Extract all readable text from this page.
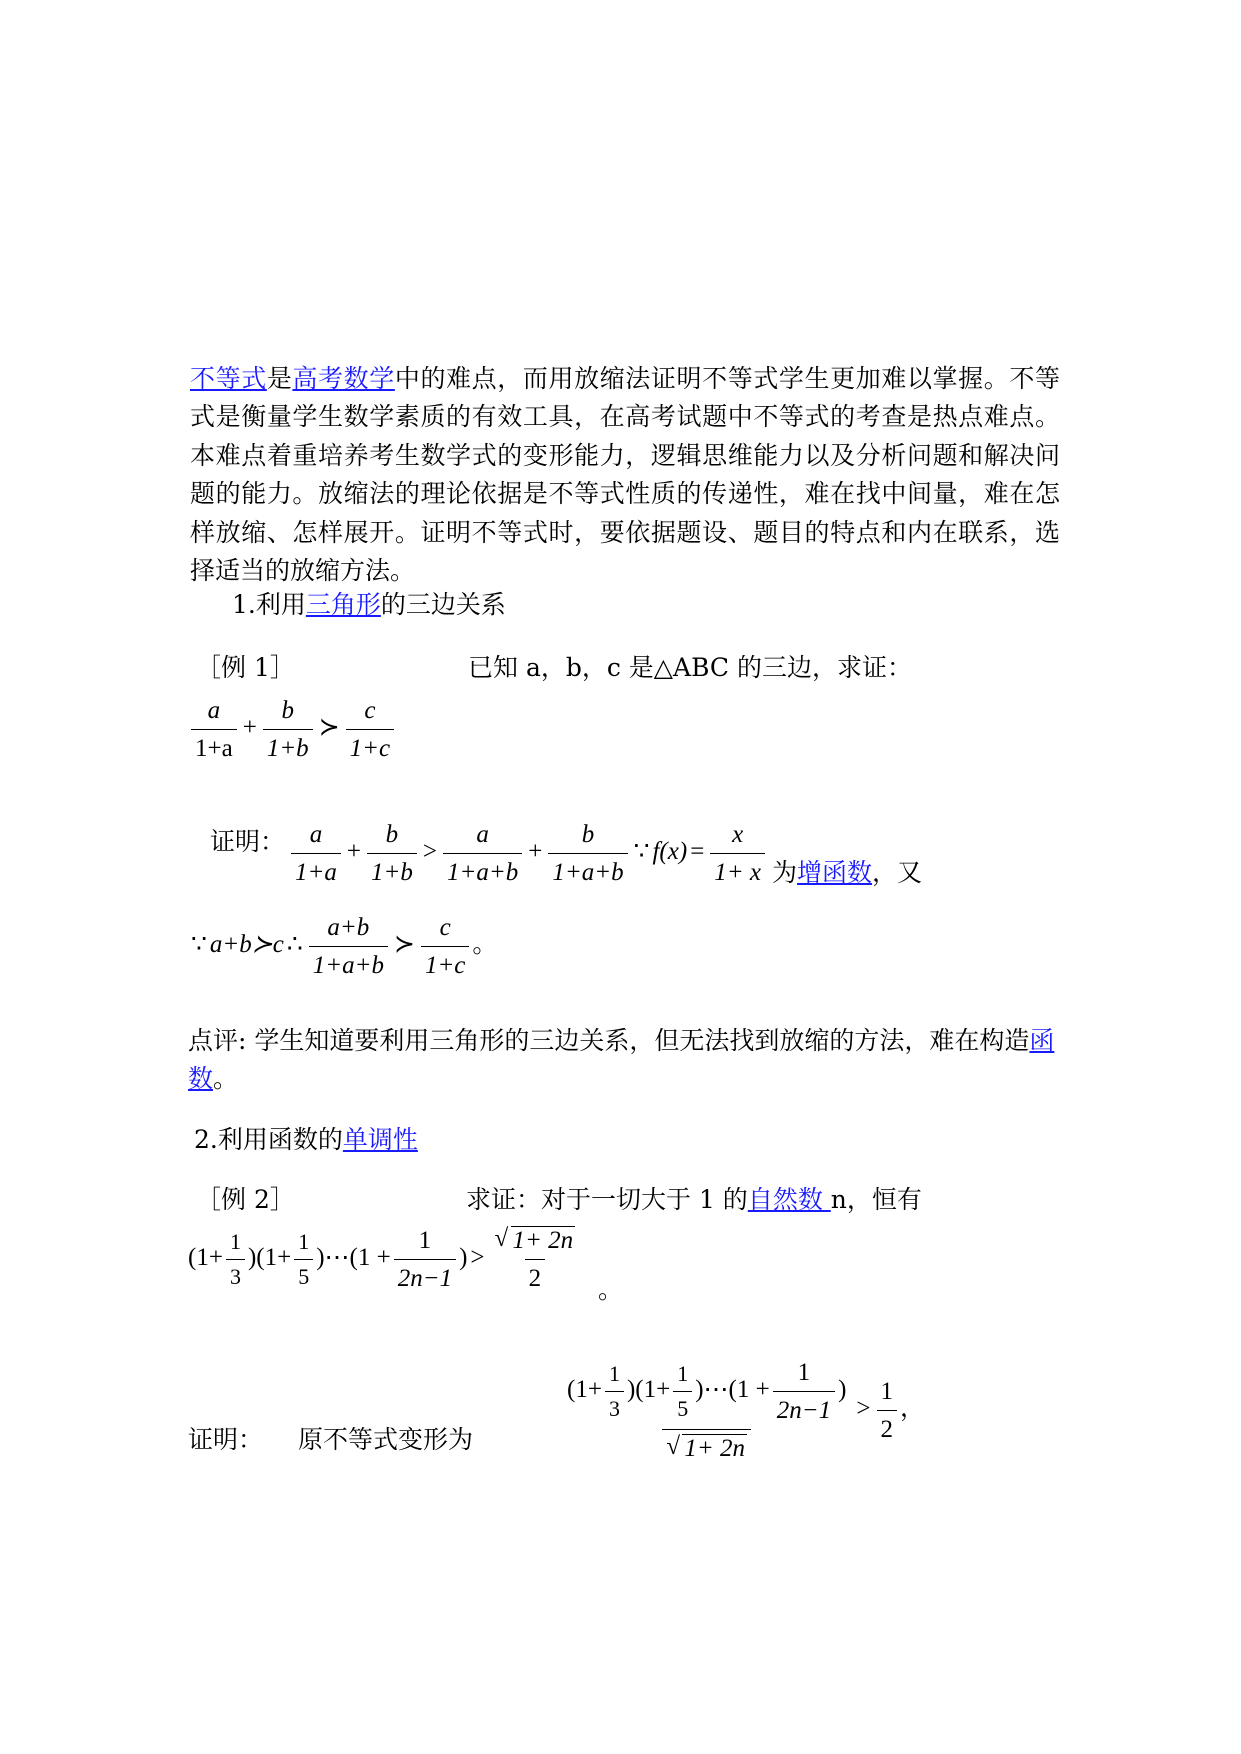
不等式是高考数学中的难点，而用放缩法证明不等式学生更加难以掌握。不等式是衡量学生数学素质的有效工具，在高考试题中不等式的考查是热点难点。本难点着重培养考生数学式的变形能力，逻辑思维能力以及分析问题和解决问题的能力。放缩法的理论依据是不等式性质的传递性，难在找中间量，难在怎样放缩、怎样展开。证明不等式时，要依据题设、题目的特点和内在联系，选择适当的放缩方法。
1.利用三角形的三边关系
［例 1］	已知 a，b，c 是△ABC 的三边，求证：
$\frac{a}{1+a} + \frac{b}{1+b}$ ≻ $\frac{c}{1+c}$
证明： $\frac{a}{1+a} + \frac{b}{1+b} > \frac{a}{1+a+b} + \frac{b}{1+a+b}$ ∵ $f(x) = \frac{x}{1+ x}$ 为增函数，又
∵ a+b≻c ∴ $\frac{a+b}{1+a+b}$ ≻ $\frac{c}{1+c}$ 。
点评: 学生知道要利用三角形的三边关系，但无法找到放缩的方法，难在构造函数。
2.利用函数的单调性
［例 2］	求证：对于一切大于 1 的自然数 n，恒有
$(1+ \frac{1}{3} )(1+ \frac{1}{5}$ )⋯(1 + $\frac{1}{2n-1}$ ) > √ $\frac{1+ 2n}{2}$ 。
证明： 原不等式变形为	$(1+ \frac{1}{3} )(1+ \frac{1}{5}$ )⋯(1 + $\frac{1}{2n-1}$ )
√ $1+ 2n > \frac{1}{2}$ ，
